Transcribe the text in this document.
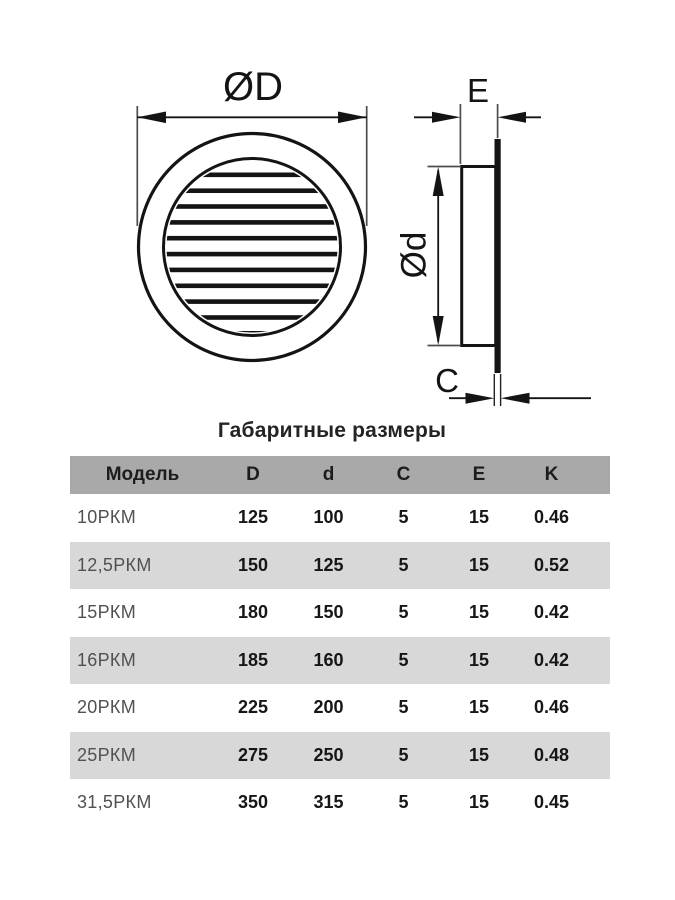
ØD	E
Ød
C
Габаритные размеры
Модель	D	d	C	E	K
10РКМ	125	100	5	15	0.46
12,5РКМ	150	125	5	15	0.52
15РКМ	180	150	5	15	0.42
16РКМ	185	160	5	15	0.42
20РКМ	225	200	5	15	0.46
25РКМ	275	250	5	15	0.48
31,5РКМ	350	315	5	15	0.45
